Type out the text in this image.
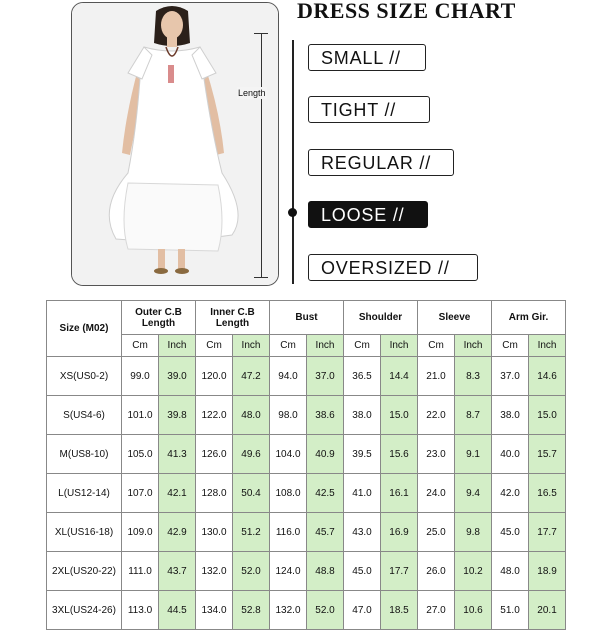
Length
DRESS SIZE CHART
SMALL //
TIGHT //
REGULAR //
LOOSE //
OVERSIZED //
Size (M02)	Outer C.B Length		Inner C.B Length		Bust		Shoulder		Sleeve		Arm Gir.	
	Cm	Inch	Cm	Inch	Cm	Inch	Cm	Inch	Cm	Inch	Cm	Inch
XS(US0-2)	99.0	39.0	120.0	47.2	94.0	37.0	36.5	14.4	21.0	8.3	37.0	14.6
S(US4-6)	101.0	39.8	122.0	48.0	98.0	38.6	38.0	15.0	22.0	8.7	38.0	15.0
M(US8-10)	105.0	41.3	126.0	49.6	104.0	40.9	39.5	15.6	23.0	9.1	40.0	15.7
L(US12-14)	107.0	42.1	128.0	50.4	108.0	42.5	41.0	16.1	24.0	9.4	42.0	16.5
XL(US16-18)	109.0	42.9	130.0	51.2	116.0	45.7	43.0	16.9	25.0	9.8	45.0	17.7
2XL(US20-22)	111.0	43.7	132.0	52.0	124.0	48.8	45.0	17.7	26.0	10.2	48.0	18.9
3XL(US24-26)	113.0	44.5	134.0	52.8	132.0	52.0	47.0	18.5	27.0	10.6	51.0	20.1
